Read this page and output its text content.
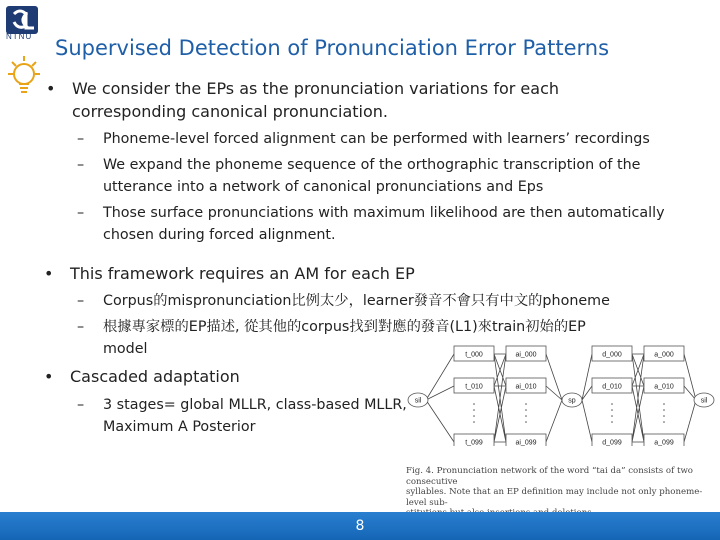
NTNU Supervised Detection of Pronunciation Error Patterns
• We consider the EPs as the pronunciation variations for each
corresponding canonical pronunciation.
– Phoneme-level forced alignment can be performed with learners’ recordings
– We expand the phoneme sequence of the orthographic transcription of the
utterance into a network of canonical pronunciations and Eps
– Those surface pronunciations with maximum likelihood are then automatically
chosen during forced alignment.
• This framework requires an AM for each EP
– Corpus的mispronunciation比例太少，learner發音不會只有中文的phoneme
– 根據專家標的EP描述, 從其他的corpus找到對應的發音(L1)來train初始的EP
model
• Cascaded adaptation
– 3 stages= global MLLR, class-based MLLR,
Maximum A Posterior
sil
t_000
t_010
t_099
ai_000
ai_010
ai_099
sp
d_000
d_010
d_099
a_000
a_010
a_099
sil
Fig. 4. Pronunciation network of the word “tai da” consists of two consecutive
syllables. Note that an EP definition may include not only phoneme-level sub-
8
